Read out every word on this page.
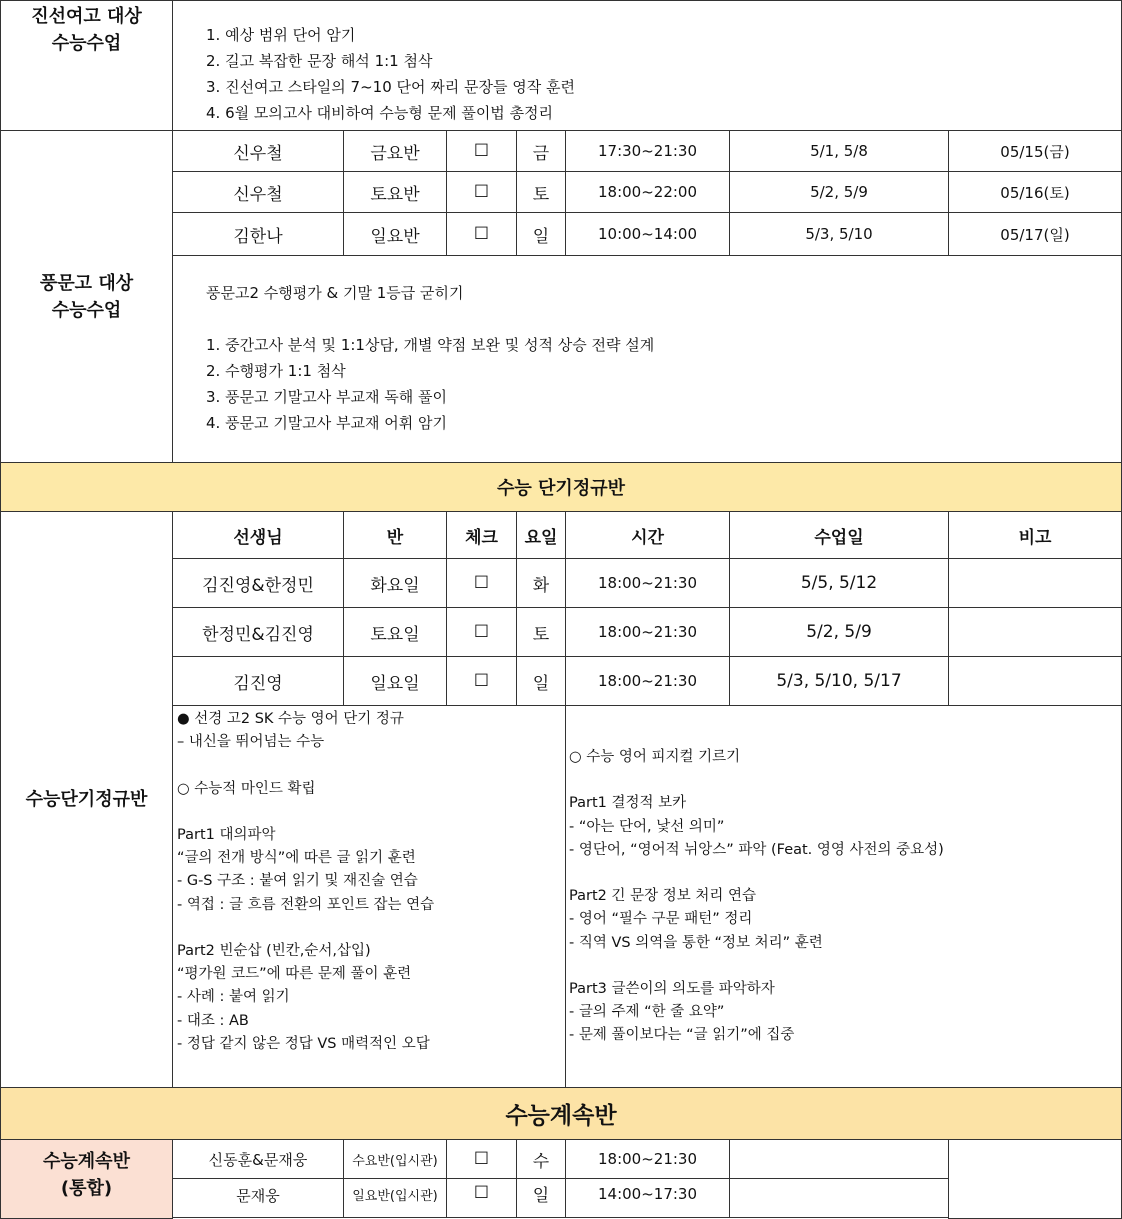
진선여고 대상
수능수업	1. 예상 범위 단어 암기
2. 길고 복잡한 문장 해석 1:1 첨삭
3. 진선여고 스타일의 7~10 단어 짜리 문장들 영작 훈련
4. 6월 모의고사 대비하여 수능형 문제 풀이법 총정리
풍문고 대상
수능수업
신우철	금요반	☐	금	17:30~21:30	5/1, 5/8	05/15(금)
신우철	토요반	☐	토	18:00~22:00	5/2, 5/9	05/16(토)
김한나	일요반	☐	일	10:00~14:00	5/3, 5/10	05/17(일)
풍문고2 수행평가 & 기말 1등급 굳히기
1. 중간고사 분석 및 1:1상담, 개별 약점 보완 및 성적 상승 전략 설계
2. 수행평가 1:1 첨삭
3. 풍문고 기말고사 부교재 독해 풀이
4. 풍문고 기말고사 부교재 어휘 암기
수능 단기정규반
수능단기정규반
선생님	반	체크	요일	시간	수업일	비고
김진영&한정민	화요일	☐	화	18:00~21:30	5/5, 5/12
한정민&김진영	토요일	☐	토	18:00~21:30	5/2, 5/9
김진영	일요일	☐	일	18:00~21:30	5/3, 5/10, 5/17
● 선경 고2 SK 수능 영어 단기 정규
– 내신을 뛰어넘는 수능
○ 수능적 마인드 확립
Part1 대의파악
“글의 전개 방식”에 따른 글 읽기 훈련
- G-S 구조 : 붙여 읽기 및 재진술 연습
- 역접 : 글 흐름 전환의 포인트 잡는 연습
Part2 빈순삽 (빈칸,순서,삽입)
“평가원 코드”에 따른 문제 풀이 훈련
- 사례 : 붙여 읽기
- 대조 : AB
- 정답 같지 않은 정답 VS 매력적인 오답
○ 수능 영어 피지컬 기르기
Part1 결정적 보카
- “아는 단어, 낯선 의미”
- 영단어, “영어적 뉘앙스” 파악 (Feat. 영영 사전의 중요성)
Part2 긴 문장 정보 처리 연습
- 영어 “필수 구문 패턴” 정리
- 직역 VS 의역을 통한 “정보 처리” 훈련
Part3 글쓴이의 의도를 파악하자
- 글의 주제 “한 줄 요약”
- 문제 풀이보다는 “글 읽기”에 집중
수능계속반
수능계속반
(통합)
신동훈&문재웅	수요반(입시관)	☐	수	18:00~21:30
문재웅	일요반(입시관)	☐	일	14:00~17:30
